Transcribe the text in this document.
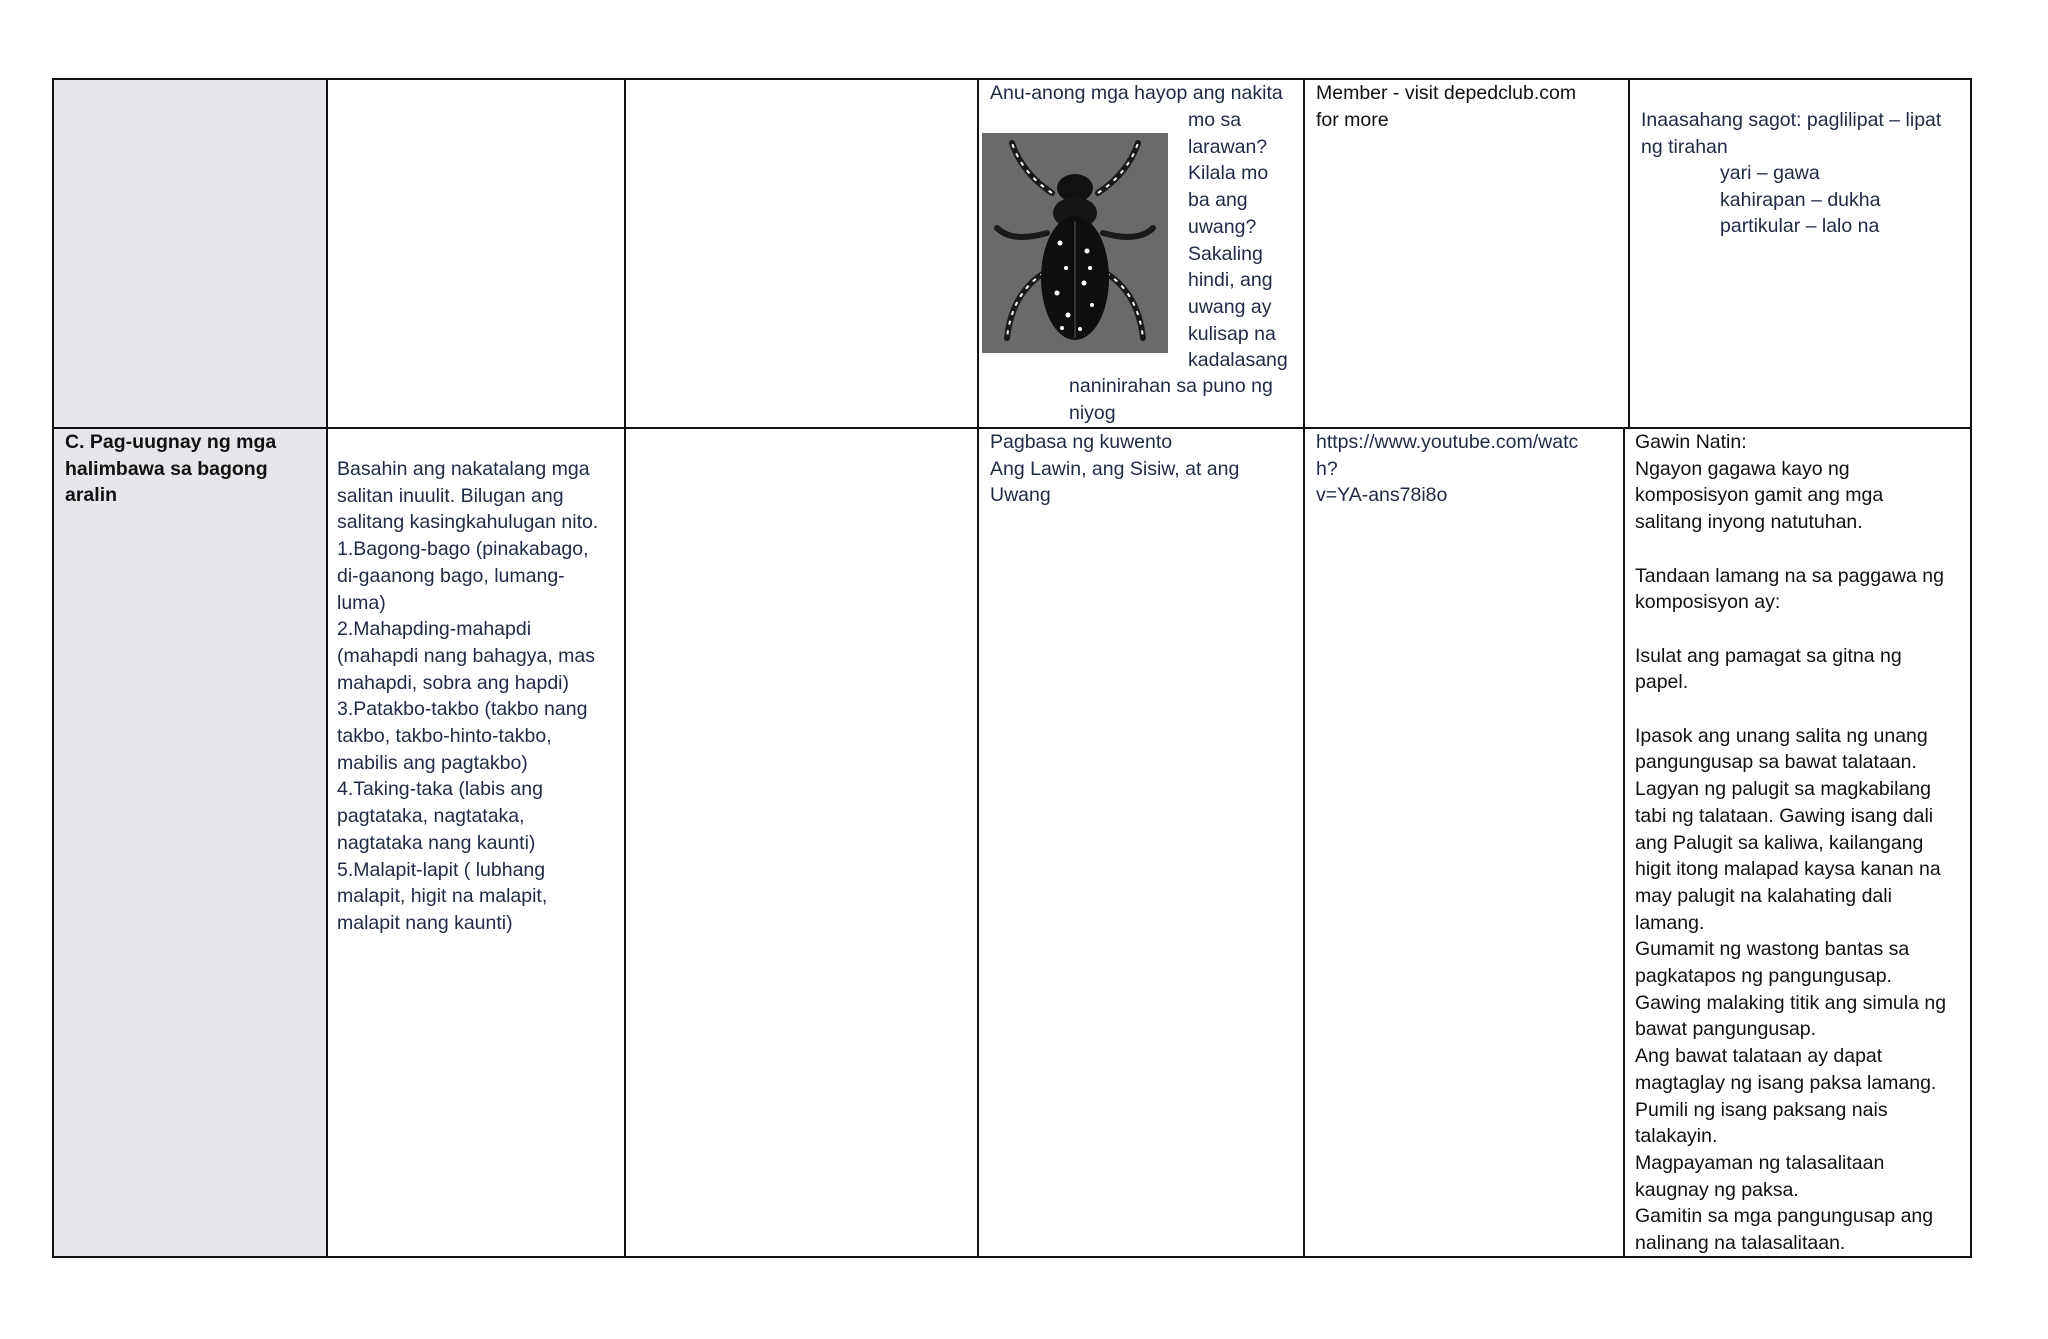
Anu-anong mga hayop ang nakita
mo sa
larawan?
Kilala mo
ba ang
uwang?
Sakaling
hindi, ang
uwang ay
kulisap na
kadalasang
naninirahan sa puno ng
niyog
Member - visit depedclub.com
for more	Inaasahang sagot: paglilipat – lipat
ng tirahan
yari – gawa
kahirapan – dukha
partikular – lalo na
C. Pag-uugnay ng mga
halimbawa sa bagong
aralin
Basahin ang nakatalang mga
salitan inuulit. Bilugan ang
salitang kasingkahulugan nito.
1.Bagong-bago (pinakabago,
di-gaanong bago, lumang-
luma)
2.Mahapding-mahapdi
(mahapdi nang bahagya, mas
mahapdi, sobra ang hapdi)
3.Patakbo-takbo (takbo nang
takbo, takbo-hinto-takbo,
mabilis ang pagtakbo)
4.Taking-taka (labis ang
pagtataka, nagtataka,
nagtataka nang kaunti)
5.Malapit-lapit ( lubhang
malapit, higit na malapit,
malapit nang kaunti)
Pagbasa ng kuwento
Ang Lawin, ang Sisiw, at ang
Uwang
https://www.youtube.com/watc
h?
v=YA-ans78i8o
Gawin Natin:
Ngayon gagawa kayo ng
komposisyon gamit ang mga
salitang inyong natutuhan.

Tandaan lamang na sa paggawa ng
komposisyon ay:

Isulat ang pamagat sa gitna ng
papel.

Ipasok ang unang salita ng unang
pangungusap sa bawat talataan.
Lagyan ng palugit sa magkabilang
tabi ng talataan. Gawing isang dali
ang Palugit sa kaliwa, kailangang
higit itong malapad kaysa kanan na
may palugit na kalahating dali
lamang.
Gumamit ng wastong bantas sa
pagkatapos ng pangungusap.
Gawing malaking titik ang simula ng
bawat pangungusap.
Ang bawat talataan ay dapat
magtaglay ng isang paksa lamang.
Pumili ng isang paksang nais
talakayin.
Magpayaman ng talasalitaan
kaugnay ng paksa.
Gamitin sa mga pangungusap ang
nalinang na talasalitaan.
